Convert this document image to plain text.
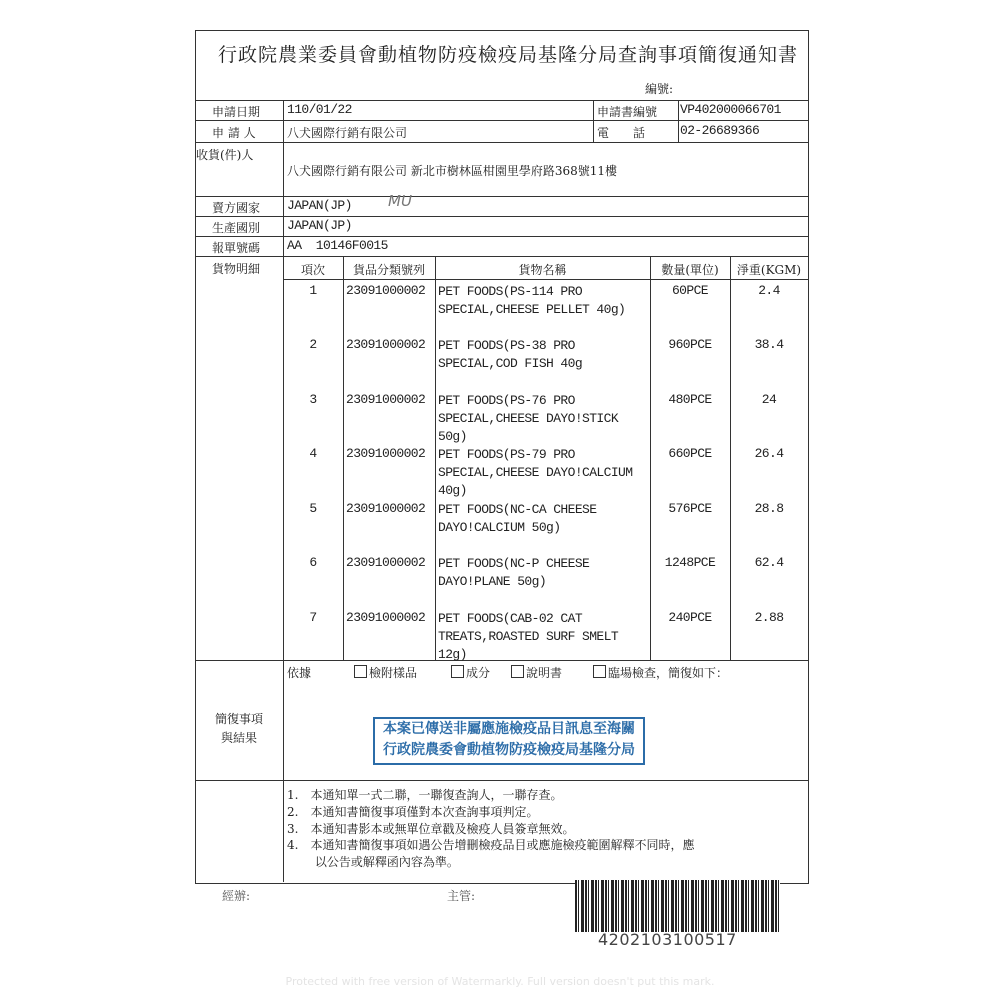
行政院農業委員會動植物防疫檢疫局基隆分局查詢事項簡復通知書
編號:
申請日期 110/01/22	申請書編號 VP402000066701
申 請 人	八犬國際行銷有限公司	電　　話	02-26689366
收貨(件)人
八犬國際行銷有限公司 新北市樹林區柑園里學府路368號11樓
賣方國家 JAPAN(JP) MU
生產國別 JAPAN(JP)
報單號碼 AA  10146F0015
貨物明細	項次	貨品分類號列	貨物名稱	數量(單位)	淨重(KGM)
1	23091000002 PET FOODS(PS-114 PRO
SPECIAL,CHEESE PELLET 40g)
60PCE	2.4
2	23091000002 PET FOODS(PS-38 PRO
SPECIAL,COD FISH 40g
960PCE	38.4
3	23091000002 PET FOODS(PS-76 PRO
SPECIAL,CHEESE DAYO!STICK
50g)
480PCE	24
4	23091000002 PET FOODS(PS-79 PRO
SPECIAL,CHEESE DAYO!CALCIUM
40g)
660PCE	26.4
5	23091000002 PET FOODS(NC-CA CHEESE
DAYO!CALCIUM 50g)
576PCE	28.8
6	23091000002 PET FOODS(NC-P CHEESE
DAYO!PLANE 50g)
1248PCE	62.4
7	23091000002 PET FOODS(CAB-02 CAT
TREATS,ROASTED SURF SMELT
12g)
240PCE	2.88
依據	檢附樣品	成分	說明書	臨場檢查，簡復如下：
簡復事項
與結果
本案已傳送非屬應施檢疫品目訊息至海關
行政院農委會動植物防疫檢疫局基隆分局
1.　本通知單一式二聯，一聯復查詢人，一聯存查。
2.　本通知書簡復事項僅對本次查詢事項判定。
3.　本通知書影本或無單位章戳及檢疫人員簽章無效。
4.　本通知書簡復事項如遇公告增刪檢疫品目或應施檢疫範圍解釋不同時，應
　　 以公告或解釋函內容為準。
經辦:	主管:
4202103100517
Protected with free version of Watermarkly. Full version doesn't put this mark.
